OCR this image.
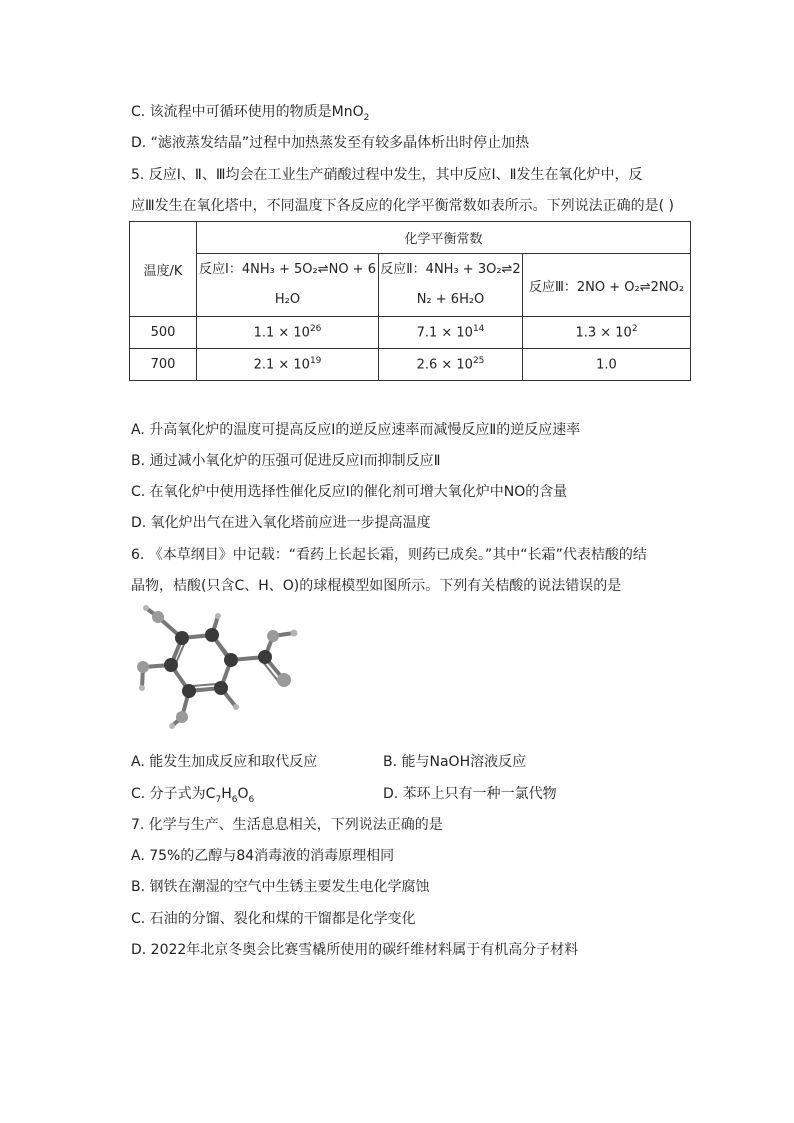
C. 该流程中可循环使用的物质是MnO$_2$
D. “滤液蒸发结晶”过程中加热蒸发至有较多晶体析出时停止加热
5. 反应Ⅰ、Ⅱ、Ⅲ均会在工业生产硝酸过程中发生，其中反应Ⅰ、Ⅱ发生在氧化炉中，反
应Ⅲ发生在氧化塔中，不同温度下各反应的化学平衡常数如表所示。下列说法正确的是( )
温度/K	化学平衡常数		
	反应Ⅰ：4NH₃ + 5O₂⇌NO + 6 H₂O	反应Ⅱ：4NH₃ + 3O₂⇌2 N₂ + 6H₂O	反应Ⅲ：2NO + O₂⇌2NO₂
500	$1.1 \times 10^{26}$	$7.1 \times 10^{14}$	$1.3 \times 10^2$
700	$2.1 \times 10^{19}$	$2.6 \times 10^{25}$	1.0
A. 升高氧化炉的温度可提高反应Ⅰ的逆反应速率而减慢反应Ⅱ的逆反应速率
B. 通过减小氧化炉的压强可促进反应Ⅰ而抑制反应Ⅱ
C. 在氧化炉中使用选择性催化反应Ⅰ的催化剂可增大氧化炉中NO的含量
D. 氧化炉出气在进入氧化塔前应进一步提高温度
6. 《本草纲目》中记载：“看药上长起长霜，则药已成矣。”其中“长霜”代表桔酸的结
晶物，桔酸(只含C、H、O)的球棍模型如图所示。下列有关桔酸的说法错误的是
A. 能发生加成反应和取代反应	B. 能与NaOH溶液反应
C. 分子式为$C_7H_6O_6$	D. 苯环上只有一种一氯代物
7. 化学与生产、生活息息相关，下列说法正确的是
A. 75%的乙醇与84消毒液的消毒原理相同
B. 钢铁在潮湿的空气中生锈主要发生电化学腐蚀
C. 石油的分馏、裂化和煤的干馏都是化学变化
D. 2022年北京冬奥会比赛雪橇所使用的碳纤维材料属于有机高分子材料
